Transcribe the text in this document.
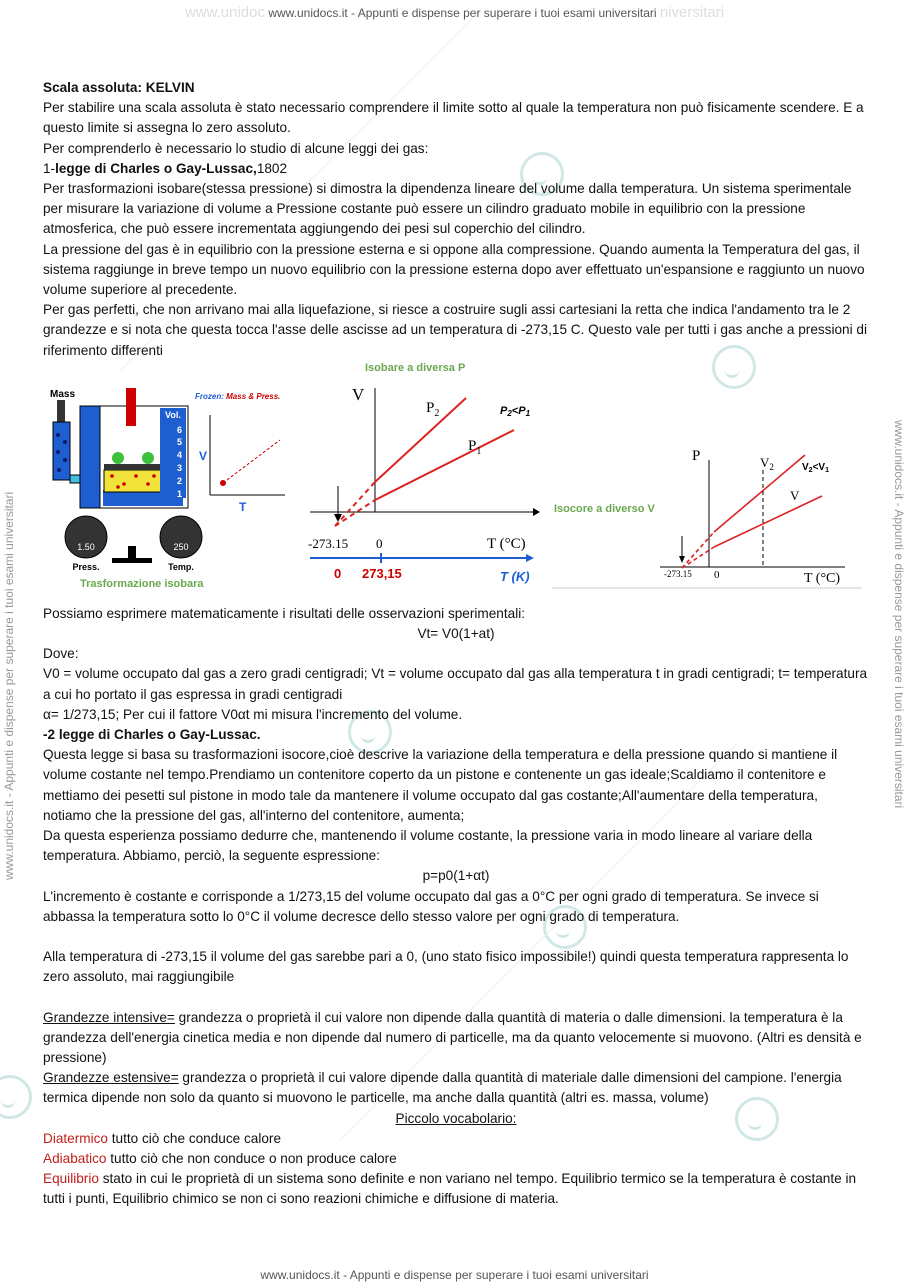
www.unidoc www.unidocs.it - Appunti e dispense per superare i tuoi esami universitari niversitari
www.unidocs.it - Appunti e dispense per superare i tuoi esami universitari
www.unidocs.it - Appunti e dispense per superare i tuoi esami universitari	www.unidocs.it - Appunti e dispense per superare i tuoi esami universitari

Scala assoluta: KELVIN

Per stabilire una scala assoluta è stato necessario comprendere il limite sotto al quale la temperatura non può fisicamente scendere. E a questo limite si assegna lo zero assoluto.

Per comprenderlo è necessario lo studio di alcune leggi dei gas:

1-legge di Charles o Gay-Lussac,1802

Per trasformazioni isobare(stessa pressione) si dimostra la dipendenza lineare del volume dalla temperatura. Un sistema sperimentale per misurare la variazione di volume a Pressione costante può essere un cilindro graduato mobile in equilibrio con la pressione atmosferica, che può essere incrementata aggiungendo dei pesi sul coperchio del cilindro.

La pressione del gas è in equilibrio con la pressione esterna e si oppone alla compressione. Quando aumenta la Temperatura del gas, il sistema raggiunge in breve tempo un nuovo equilibrio con la pressione esterna dopo aver effettuato un'espansione e raggiunto un nuovo volume superiore al precedente.

Per gas perfetti, che non arrivano mai alla liquefazione, si riesce a costruire sugli assi cartesiani la retta che indica l'andamento tra le 2 grandezze e si nota che questa tocca l'asse delle ascisse ad un temperatura di -273,15 C. Questo vale per tutti i gas anche a pressioni di riferimento differenti

Possiamo esprimere matematicamente i risultati delle osservazioni sperimentali:

Vt= V0(1+at)

Dove:

V0 = volume occupato dal gas a zero gradi centigradi; Vt = volume occupato dal gas alla temperatura t in gradi centigradi; t= temperatura a cui ho portato il gas espressa in gradi centigradi

α= 1/273,15; Per cui il fattore V0αt mi misura l'incremento del volume.

-2 legge di Charles o Gay-Lussac.

Questa legge si basa su trasformazioni isocore,cioè descrive la variazione della temperatura e della pressione quando si mantiene il volume costante nel tempo.Prendiamo un contenitore coperto da un pistone e contenente un gas ideale;Scaldiamo il contenitore e mettiamo dei pesetti sul pistone in modo tale da mantenere il volume occupato dal gas costante;All'aumentare della temperatura, notiamo che la pressione del gas, all'interno del contenitore, aumenta;

Da questa esperienza possiamo dedurre che, mantenendo il volume costante, la pressione varia in modo lineare al variare della temperatura. Abbiamo, perciò, la seguente espressione:

p=p0(1+αt)

L'incremento è costante e corrisponde a 1/273,15 del volume occupato dal gas a 0°C per ogni grado di temperatura. Se invece si abbassa la temperatura sotto lo 0°C il volume decresce dello stesso valore per ogni grado di temperatura.

Alla temperatura di -273,15 il volume del gas sarebbe pari a 0, (uno stato fisico impossibile!) quindi questa temperatura rappresenta lo zero assoluto, mai raggiungibile

Grandezze intensive= grandezza o proprietà il cui valore non dipende dalla quantità di materia o dalle dimensioni. la temperatura è la grandezza dell'energia cinetica media e non dipende dal numero di particelle, ma da quanto velocemente si muovono. (Altri es densità e pressione)

Grandezze estensive= grandezza o proprietà il cui valore dipende dalla quantità di materiale dalle dimensioni del campione. l'energia termica dipende non solo da quanto si muovono le particelle, ma anche dalla quantità (altri es. massa, volume)

Piccolo vocabolario:

Diatermico tutto ciò che conduce calore

Adiabatico tutto ciò che non conduce o non produce calore

Equilibrio stato in cui le proprietà di un sistema sono definite e non variano nel tempo. Equilibrio termico se la temperatura è costante in tutti i punti, Equilibrio chimico se non ci sono reazioni chimiche e diffusione di materia.

Mass
Vol.
6
5
4
3
2
1
1.50
Press.
250
Temp.
Trasformazione isobara
Frozen: Mass & Press.
V
T
Isobare a diversa P
V
$P_2$
$P_1$
P2<P1
-273.15 0	T (°C)
0 273,15	T (K)
Isocore a diverso V
P	$V_2$
V
$V_2<V_1$
-273.15 0	T (°C)
